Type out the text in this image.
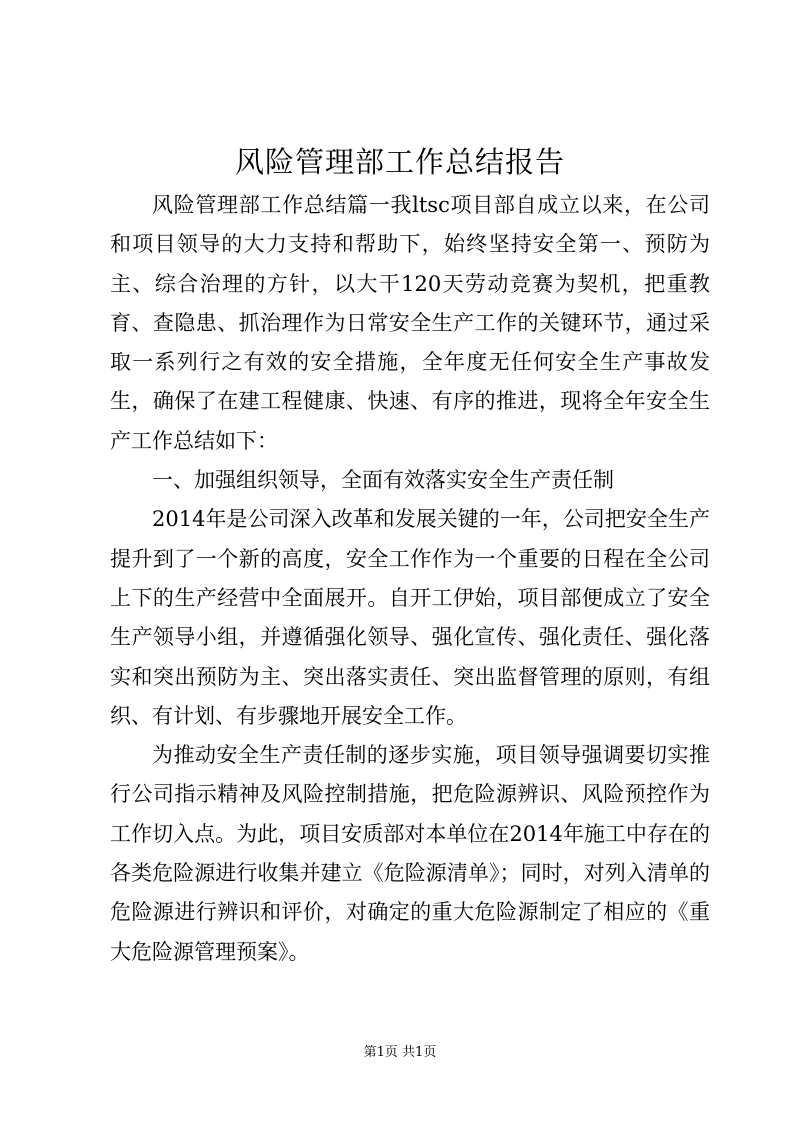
风险管理部工作总结报告

风险管理部工作总结篇一我ltsc项目部自成立以来，在公司和项目领导的大力支持和帮助下，始终坚持安全第一、预防为主、综合治理的方针，以大干120天劳动竞赛为契机，把重教育、查隐患、抓治理作为日常安全生产工作的关键环节，通过采取一系列行之有效的安全措施，全年度无任何安全生产事故发生，确保了在建工程健康、快速、有序的推进，现将全年安全生产工作总结如下：

一、加强组织领导，全面有效落实安全生产责任制

2014年是公司深入改革和发展关键的一年，公司把安全生产提升到了一个新的高度，安全工作作为一个重要的日程在全公司上下的生产经营中全面展开。自开工伊始，项目部便成立了安全生产领导小组，并遵循强化领导、强化宣传、强化责任、强化落实和突出预防为主、突出落实责任、突出监督管理的原则，有组织、有计划、有步骤地开展安全工作。

为推动安全生产责任制的逐步实施，项目领导强调要切实推行公司指示精神及风险控制措施，把危险源辨识、风险预控作为工作切入点。为此，项目安质部对本单位在2014年施工中存在的各类危险源进行收集并建立《危险源清单》；同时，对列入清单的危险源进行辨识和评价，对确定的重大危险源制定了相应的《重大危险源管理预案》。

第1页 共1页
